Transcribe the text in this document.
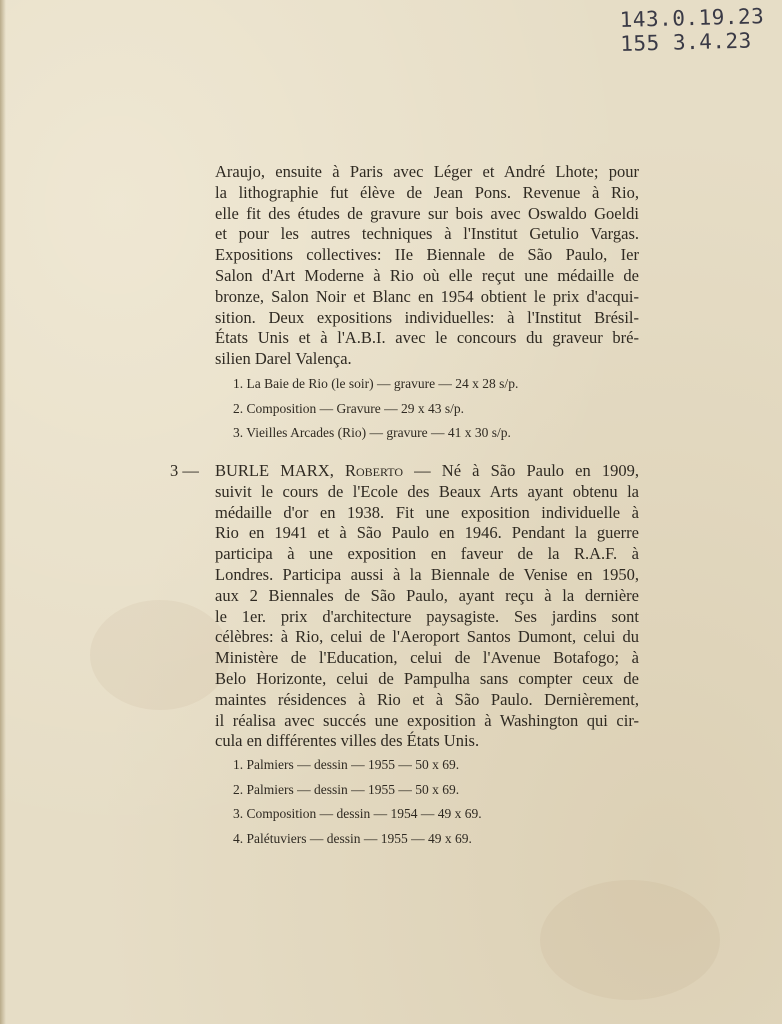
143.0.19.23
155 3.4.23
Araujo, ensuite à Paris avec Léger et André Lhote; pour
la lithographie fut élève de Jean Pons. Revenue à Rio,
elle fit des études de gravure sur bois avec Oswaldo Goeldi
et pour les autres techniques à l'Institut Getulio Vargas.
Expositions collectives: IIe Biennale de São Paulo, Ier
Salon d'Art Moderne à Rio où elle reçut une médaille de
bronze, Salon Noir et Blanc en 1954 obtient le prix d'acqui-
sition. Deux expositions individuelles: à l'Institut Brésil-
États Unis et à l'A.B.I. avec le concours du graveur bré-
silien Darel Valença.
1. La Baie de Rio (le soir) — gravure — 24 x 28 s/p.
2. Composition — Gravure — 29 x 43 s/p.
3. Vieilles Arcades (Rio) — gravure — 41 x 30 s/p.
3 — BURLE MARX, Roberto — Né à São Paulo en 1909,
suivit le cours de l'Ecole des Beaux Arts ayant obtenu la
médaille d'or en 1938. Fit une exposition individuelle à
Rio en 1941 et à São Paulo en 1946. Pendant la guerre
participa à une exposition en faveur de la R.A.F. à
Londres. Participa aussi à la Biennale de Venise en 1950,
aux 2 Biennales de São Paulo, ayant reçu à la dernière
le 1er. prix d'architecture paysagiste. Ses jardins sont
célèbres: à Rio, celui de l'Aeroport Santos Dumont, celui du
Ministère de l'Education, celui de l'Avenue Botafogo; à
Belo Horizonte, celui de Pampulha sans compter ceux de
maintes résidences à Rio et à São Paulo. Dernièrement,
il réalisa avec succés une exposition à Washington qui cir-
cula en différentes villes des États Unis.
1. Palmiers — dessin — 1955 — 50 x 69.
2. Palmiers — dessin — 1955 — 50 x 69.
3. Composition — dessin — 1954 — 49 x 69.
4. Palétuviers — dessin — 1955 — 49 x 69.
